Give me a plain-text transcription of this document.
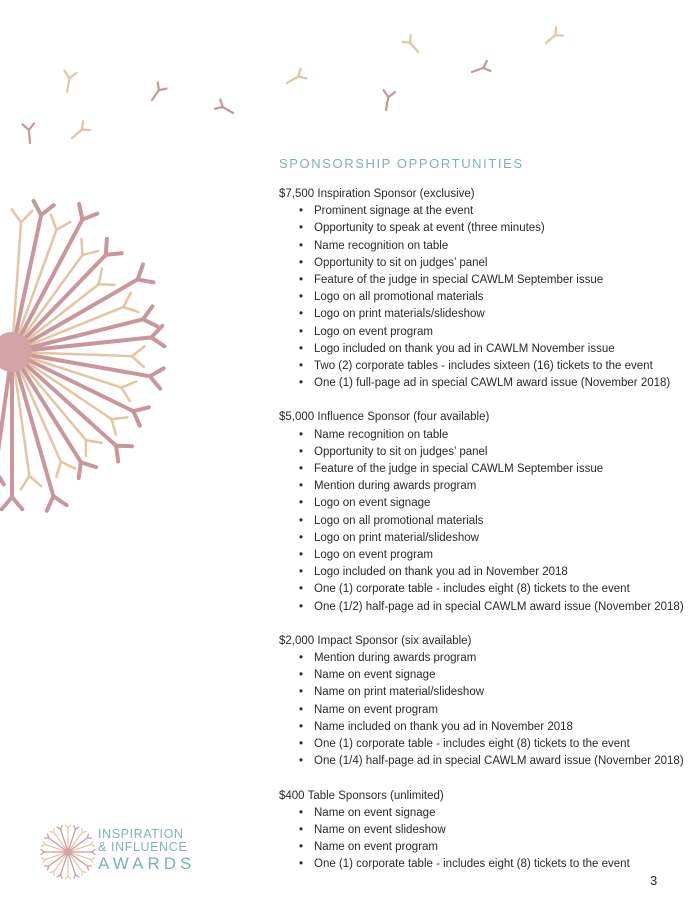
SPONSORSHIP OPPORTUNITIES
$7,500 Inspiration Sponsor (exclusive)
• Prominent signage at the event
• Opportunity to speak at event (three minutes)
• Name recognition on table
• Opportunity to sit on judges’ panel
• Feature of the judge in special CAWLM September issue
• Logo on all promotional materials
• Logo on print materials/slideshow
• Logo on event program
• Logo included on thank you ad in CAWLM November issue
• Two (2) corporate tables - includes sixteen (16) tickets to the event
• One (1) full-page ad in special CAWLM award issue (November 2018)
$5,000 Influence Sponsor (four available)
• Name recognition on table
• Opportunity to sit on judges’ panel
• Feature of the judge in special CAWLM September issue
• Mention during awards program
• Logo on event signage
• Logo on all promotional materials
• Logo on print material/slideshow
• Logo on event program
• Logo included on thank you ad in November 2018
• One (1) corporate table - includes eight (8) tickets to the event
• One (1/2) half-page ad in special CAWLM award issue (November 2018)
$2,000 Impact Sponsor (six available)
• Mention during awards program
• Name on event signage
• Name on print material/slideshow
• Name on event program
• Name included on thank you ad in November 2018
• One (1) corporate table - includes eight (8) tickets to the event
• One (1/4) half-page ad in special CAWLM award issue (November 2018)
$400 Table Sponsors (unlimited)
• Name on event signage
• Name on event slideshow
• Name on event program
• One (1) corporate table - includes eight (8) tickets to the event
INSPIRATION
& INFLUENCE
AWARDS
3
